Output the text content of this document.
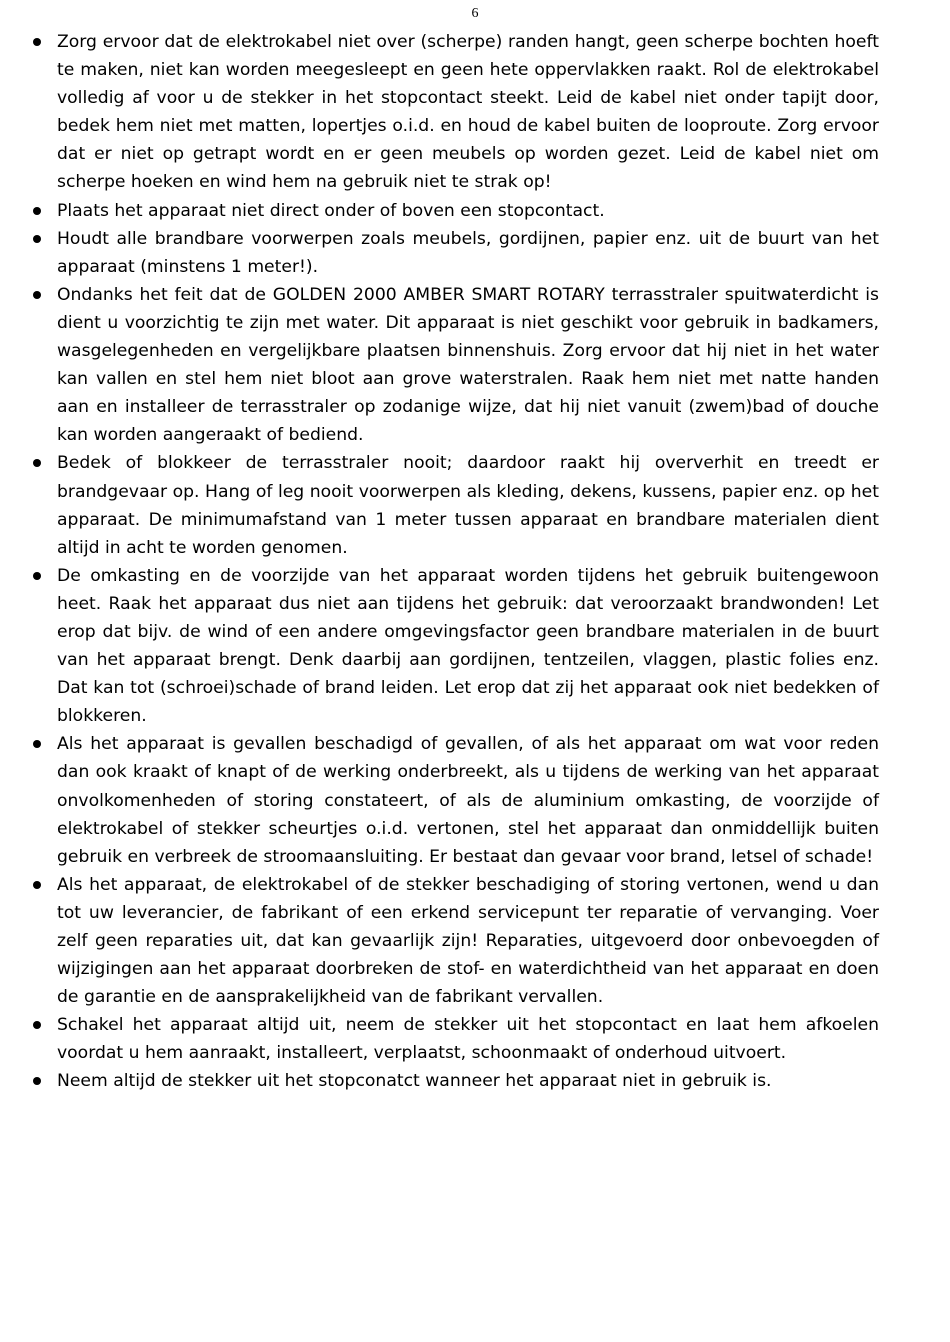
6
Zorg ervoor dat de elektrokabel niet over (scherpe) randen hangt, geen scherpe bochten hoeft te maken, niet kan worden meegesleept en geen hete oppervlakken raakt. Rol de elektrokabel volledig af voor u de stekker in het stopcontact steekt. Leid de kabel niet onder tapijt door, bedek hem niet met matten, lopertjes o.i.d. en houd de kabel buiten de looproute. Zorg ervoor dat er niet op getrapt wordt en er geen meubels op worden gezet. Leid de kabel niet om scherpe hoeken en wind hem na gebruik niet te strak op!
Plaats het apparaat niet direct onder of boven een stopcontact.
Houdt alle brandbare voorwerpen zoals meubels, gordijnen, papier enz. uit de buurt van het apparaat (minstens 1 meter!).
Ondanks het feit dat de GOLDEN 2000 AMBER SMART ROTARY terrasstraler spuitwaterdicht is dient u voorzichtig te zijn met water. Dit apparaat is niet geschikt voor gebruik in badkamers, wasgelegenheden en vergelijkbare plaatsen binnenshuis. Zorg ervoor dat hij niet in het water kan vallen en stel hem niet bloot aan grove waterstralen. Raak hem niet met natte handen aan en installeer de terrasstraler op zodanige wijze, dat hij niet vanuit (zwem)bad of douche kan worden aangeraakt of bediend.
Bedek of blokkeer de terrasstraler nooit; daardoor raakt hij oververhit en treedt er brandgevaar op. Hang of leg nooit voorwerpen als kleding, dekens, kussens, papier enz. op het apparaat. De minimumafstand van 1 meter tussen apparaat en brandbare materialen dient altijd in acht te worden genomen.
De omkasting en de voorzijde van het apparaat worden tijdens het gebruik buitengewoon heet. Raak het apparaat dus niet aan tijdens het gebruik: dat veroorzaakt brandwonden! Let erop dat bijv. de wind of een andere omgevingsfactor geen brandbare materialen in de buurt van het apparaat brengt. Denk daarbij aan gordijnen, tentzeilen, vlaggen, plastic folies enz. Dat kan tot (schroei)schade of brand leiden. Let erop dat zij het apparaat ook niet bedekken of blokkeren.
Als het apparaat is gevallen beschadigd of gevallen, of als het apparaat om wat voor reden dan ook kraakt of knapt of de werking onderbreekt, als u tijdens de werking van het apparaat onvolkomenheden of storing constateert, of als de aluminium omkasting, de voorzijde of elektrokabel of stekker scheurtjes o.i.d. vertonen, stel het apparaat dan onmiddellijk buiten gebruik en verbreek de stroomaansluiting. Er bestaat dan gevaar voor brand, letsel of schade!
Als het apparaat, de elektrokabel of de stekker beschadiging of storing vertonen, wend u dan tot uw leverancier, de fabrikant of een erkend servicepunt ter reparatie of vervanging. Voer zelf geen reparaties uit, dat kan gevaarlijk zijn! Reparaties, uitgevoerd door onbevoegden of wijzigingen aan het apparaat doorbreken de stof- en waterdichtheid van het apparaat en doen de garantie en de aansprakelijkheid van de fabrikant vervallen.
Schakel het apparaat altijd uit, neem de stekker uit het stopcontact en laat hem afkoelen voordat u hem aanraakt, installeert, verplaatst, schoonmaakt of onderhoud uitvoert.
Neem altijd de stekker uit het stopconatct wanneer het apparaat niet in gebruik is.
